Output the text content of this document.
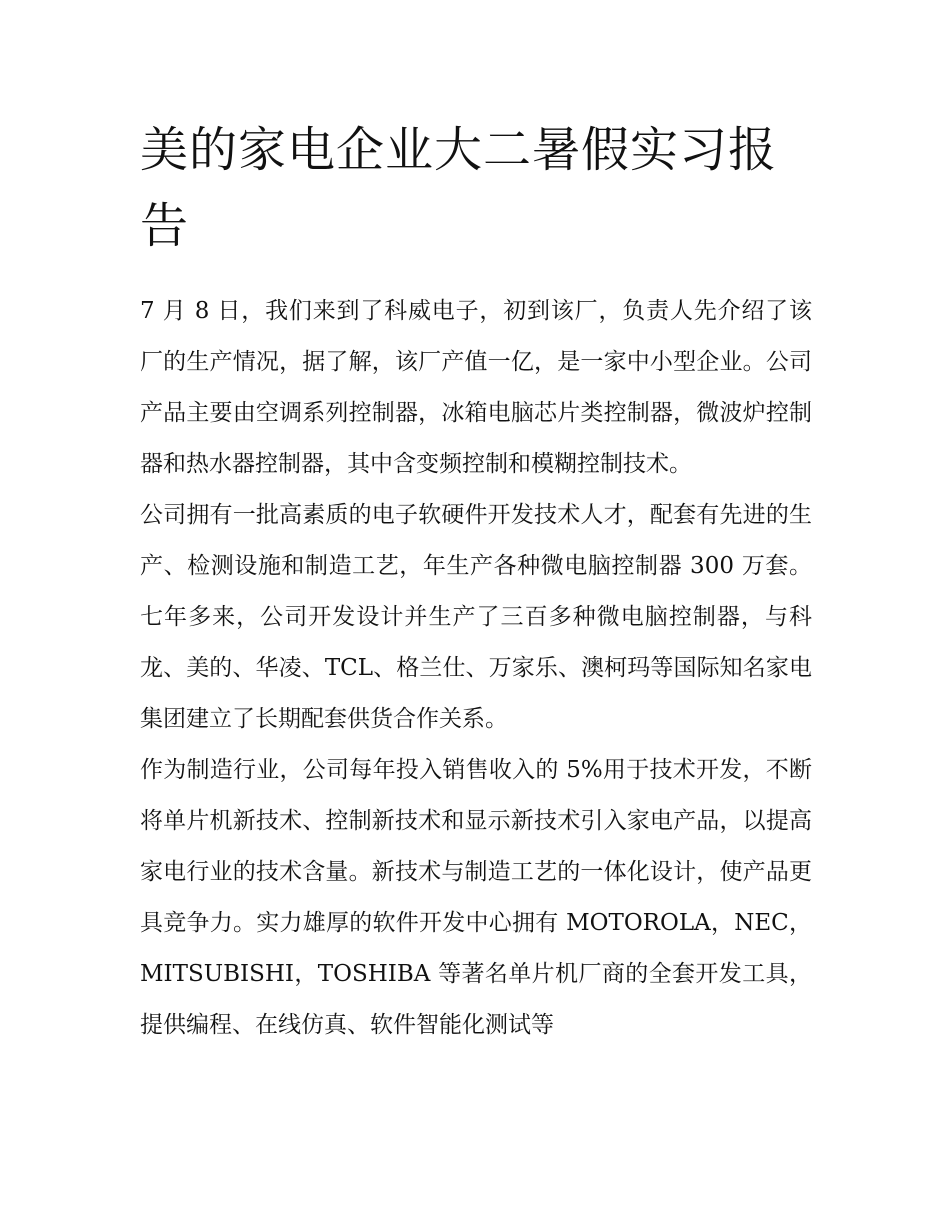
美的家电企业大二暑假实习报告

7 月 8 日，我们来到了科威电子，初到该厂，负责人先介绍了该厂的生产情况，据了解，该厂产值一亿，是一家中小型企业。公司产品主要由空调系列控制器，冰箱电脑芯片类控制器，微波炉控制器和热水器控制器，其中含变频控制和模糊控制技术。

公司拥有一批高素质的电子软硬件开发技术人才，配套有先进的生产、检测设施和制造工艺，年生产各种微电脑控制器 300 万套。七年多来，公司开发设计并生产了三百多种微电脑控制器，与科龙、美的、华凌、TCL、格兰仕、万家乐、澳柯玛等国际知名家电集团建立了长期配套供货合作关系。

作为制造行业，公司每年投入销售收入的 5%用于技术开发，不断将单片机新技术、控制新技术和显示新技术引入家电产品，以提高家电行业的技术含量。新技术与制造工艺的一体化设计，使产品更具竞争力。实力雄厚的软件开发中心拥有 MOTOROLA，NEC，MITSUBISHI，TOSHIBA 等著名单片机厂商的全套开发工具，提供编程、在线仿真、软件智能化测试等
